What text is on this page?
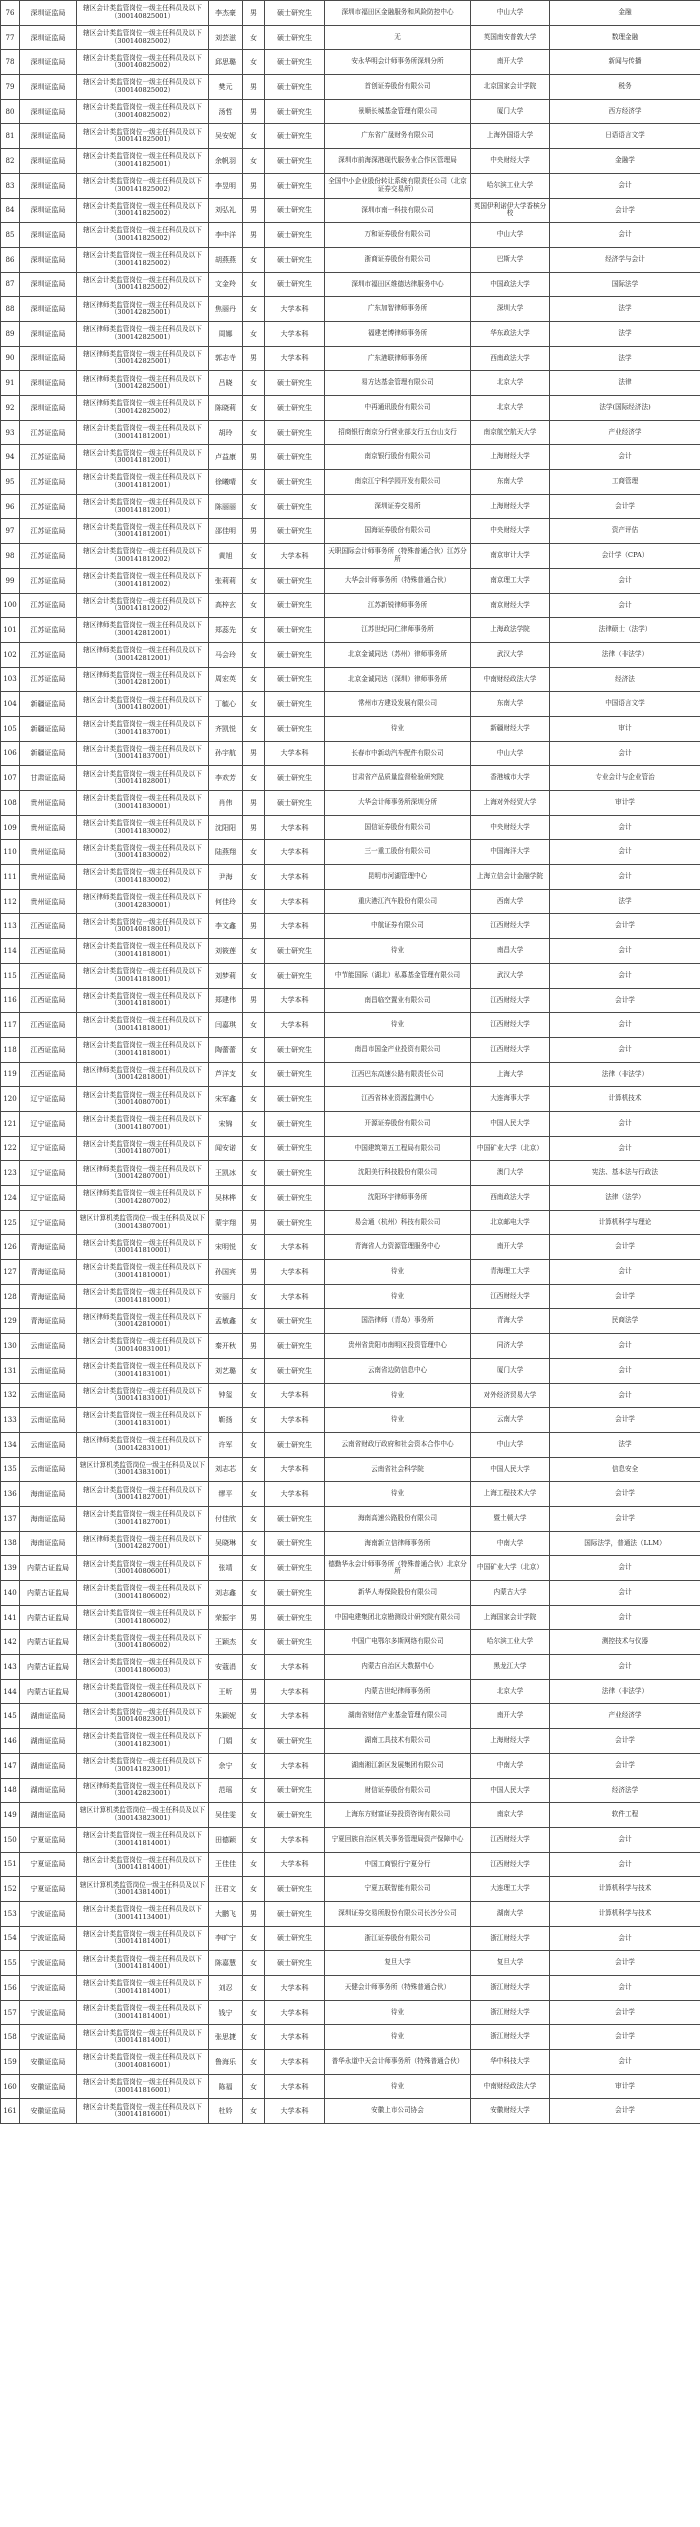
76	深圳证监局	辖区会计类监管岗位一级主任科员及以下（300140825001）	李杰豪	男	硕士研究生	深圳市福田区金融服务和风险防控中心	中山大学	金融
77	深圳证监局	辖区会计类监管岗位一级主任科员及以下（300140825002）	刘芸滋	女	硕士研究生	无	英国南安普敦大学	数理金融
78	深圳证监局	辖区会计类监管岗位一级主任科员及以下（300140825002）	邱思璐	女	硕士研究生	安永华明会计师事务所深圳分所	南开大学	新闻与传播
79	深圳证监局	辖区会计类监管岗位一级主任科员及以下（300140825002）	樊元	男	硕士研究生	首创证券股份有限公司	北京国家会计学院	税务
80	深圳证监局	辖区会计类监管岗位一级主任科员及以下（300140825002）	汤哲	男	硕士研究生	景顺长城基金管理有限公司	厦门大学	西方经济学
81	深圳证监局	辖区会计类监管岗位一级主任科员及以下（300141825001）	吴安妮	女	硕士研究生	广东省广晟财务有限公司	上海外国语大学	日语语言文学
82	深圳证监局	辖区会计类监管岗位一级主任科员及以下（300141825001）	余帆羽	女	硕士研究生	深圳市前海深港现代服务业合作区管理局	中央财经大学	金融学
83	深圳证监局	辖区会计类监管岗位一级主任科员及以下（300141825002）	李昱明	男	硕士研究生	全国中小企业股份转让系统有限责任公司（北京证券交易所）	哈尔滨工业大学	会计
84	深圳证监局	辖区会计类监管岗位一级主任科员及以下（300141825002）	刘弘礼	男	硕士研究生	深圳市南一科技有限公司	英国伊利诺伊大学香槟分校	会计学
85	深圳证监局	辖区会计类监管岗位一级主任科员及以下（300141825002）	李中洋	男	硕士研究生	万和证券股份有限公司	中山大学	会计
86	深圳证监局	辖区会计类监管岗位一级主任科员及以下（300141825002）	胡燕燕	女	硕士研究生	浙商证券股份有限公司	巴斯大学	经济学与会计
87	深圳证监局	辖区会计类监管岗位一级主任科员及以下（300141825002）	文金羚	女	硕士研究生	深圳市福田区维德达律服务中心	中国政法大学	国际法学
88	深圳证监局	辖区律师类监管岗位一级主任科员及以下（300142825001）	焦丽丹	女	大学本科	广东加智律师事务所	深圳大学	法学
89	深圳证监局	辖区律师类监管岗位一级主任科员及以下（300142825001）	周娜	女	大学本科	福建老博律师事务所	华东政法大学	法学
90	深圳证监局	辖区律师类监管岗位一级主任科员及以下（300142825001）	郭志寺	男	大学本科	广东港联律师事务所	西南政法大学	法学
91	深圳证监局	辖区律师类监管岗位一级主任科员及以下（300142825001）	吕晓	女	硕士研究生	易方达基金管理有限公司	北京大学	法律
92	深圳证监局	辖区律师类监管岗位一级主任科员及以下（300142825002）	陈晓莉	女	硕士研究生	中再通讯股份有限公司	北京大学	法学(国际经济法)
93	江苏证监局	辖区会计类监管岗位一级主任科员及以下（300141812001）	胡玲	女	硕士研究生	招商银行南京分行营业部支行五台山支行	南京航空航天大学	产业经济学
94	江苏证监局	辖区会计类监管岗位一级主任科员及以下（300141812001）	卢益康	男	硕士研究生	南京银行股份有限公司	上海财经大学	会计
95	江苏证监局	辖区会计类监管岗位一级主任科员及以下（300141812001）	徐曦晴	女	硕士研究生	南京江宁科学园开发有限公司	东南大学	工商管理
96	江苏证监局	辖区会计类监管岗位一级主任科员及以下（300141812001）	陈丽丽	女	硕士研究生	深圳证券交易所	上海财经大学	会计学
97	江苏证监局	辖区会计类监管岗位一级主任科员及以下（300141812001）	邵佳明	男	硕士研究生	国海证券股份有限公司	中央财经大学	资产评估
98	江苏证监局	辖区会计类监管岗位一级主任科员及以下（300141812002）	黄旭	女	大学本科	天职国际会计师事务所（特殊普通合伙）江苏分所	南京审计大学	会计学（CPA）
99	江苏证监局	辖区会计类监管岗位一级主任科员及以下（300141812002）	张莉莉	女	硕士研究生	大华会计师事务所（特殊普通合伙）	南京理工大学	会计
100	江苏证监局	辖区会计类监管岗位一级主任科员及以下（300141812002）	高梓玄	女	硕士研究生	江苏新锐律师事务所	南京财经大学	会计
101	江苏证监局	辖区律师类监管岗位一级主任科员及以下（300142812001）	郑蕊先	女	硕士研究生	江苏世纪同仁律师事务所	上海政法学院	法律硕士（法学）
102	江苏证监局	辖区律师类监管岗位一级主任科员及以下（300142812001）	马会玲	女	硕士研究生	北京金诚同达（苏州）律师事务所	武汉大学	法律（非法学）
103	江苏证监局	辖区律师类监管岗位一级主任科员及以下（300142812001）	周宏英	女	硕士研究生	北京金诚同达（深圳）律师事务所	中南财经政法大学	经济法
104	新疆证监局	辖区会计类监管岗位一级主任科员及以下（300141802001）	丁毓心	女	硕士研究生	常州市方建设发展有限公司	东南大学	中国语言文学
105	新疆证监局	辖区会计类监管岗位一级主任科员及以下（300141837001）	齐凯悦	女	硕士研究生	待业	新疆财经大学	审计
106	新疆证监局	辖区会计类监管岗位一级主任科员及以下（300141837001）	孙宇航	男	大学本科	长春市中新动汽车配件有限公司	中山大学	会计
107	甘肃证监局	辖区会计类监管岗位一级主任科员及以下（300141828001）	李欢芳	女	硕士研究生	甘肃省产品质量监督检验研究院	香港城市大学	专业会计与企业管治
108	贵州证监局	辖区会计类监管岗位一级主任科员及以下（300141830001）	肖伟	男	硕士研究生	大华会计师事务所深圳分所	上海对外经贸大学	审计学
109	贵州证监局	辖区会计类监管岗位一级主任科员及以下（300141830002）	沈阳阳	男	大学本科	国信证券股份有限公司	中央财经大学	会计
110	贵州证监局	辖区会计类监管岗位一级主任科员及以下（300141830002）	陆燕翔	女	大学本科	三一重工股份有限公司	中国海洋大学	会计
111	贵州证监局	辖区会计类监管岗位一级主任科员及以下（300141830002）	尹海	女	大学本科	昆明市河湖管理中心	上海立信会计金融学院	会计
112	贵州证监局	辖区律师类监管岗位一级主任科员及以下（300142830001）	何佳玲	女	大学本科	重庆港江汽车股份有限公司	西南大学	法学
113	江西证监局	辖区会计类监管岗位一级主任科员及以下（300140818001）	李文鑫	男	大学本科	中航证券有限公司	江西财经大学	会计学
114	江西证监局	辖区会计类监管岗位一级主任科员及以下（300141818001）	刘筱莲	女	硕士研究生	待业	南昌大学	会计
115	江西证监局	辖区会计类监管岗位一级主任科员及以下（300141818001）	刘梦莉	女	硕士研究生	中节能国际（湖北）私募基金管理有限公司	武汉大学	会计
116	江西证监局	辖区会计类监管岗位一级主任科员及以下（300141818001）	郑建伟	男	大学本科	南昌临空置业有限公司	江西财经大学	会计学
117	江西证监局	辖区会计类监管岗位一级主任科员及以下（300141818001）	闫嘉琪	女	大学本科	待业	江西财经大学	会计
118	江西证监局	辖区会计类监管岗位一级主任科员及以下（300141818001）	陶蕾蕾	女	硕士研究生	南昌市国金产业投资有限公司	江西财经大学	会计
119	江西证监局	辖区律师类监管岗位一级主任科员及以下（300142818001）	芦洋支	女	硕士研究生	江西巴东高速公路有限责任公司	上海大学	法律（非法学）
120	辽宁证监局	辖区会计类监管岗位一级主任科员及以下（300140807001）	宋军鑫	女	硕士研究生	江西省林业资源监测中心	大连海事大学	计算机技术
121	辽宁证监局	辖区会计类监管岗位一级主任科员及以下（300141807001）	宋锦	女	硕士研究生	开源证券股份有限公司	中国人民大学	会计
122	辽宁证监局	辖区会计类监管岗位一级主任科员及以下（300141807001）	闻安诺	女	硕士研究生	中国建筑第五工程局有限公司	中国矿业大学（北京）	会计
123	辽宁证监局	辖区律师类监管岗位一级主任科员及以下（300142807001）	王凯冰	女	硕士研究生	沈阳美行科技股份有限公司	澳门大学	宪法、基本法与行政法
124	辽宁证监局	辖区律师类监管岗位一级主任科员及以下（300142807002）	吴林桦	女	硕士研究生	沈阳环宇律师事务所	西南政法大学	法律（法学）
125	辽宁证监局	辖区计算机类监管岗位一级主任科员及以下（300143807001）	蒙宇翔	男	硕士研究生	易会通（杭州）科技有限公司	北京邮电大学	计算机科学与理论
126	青海证监局	辖区会计类监管岗位一级主任科员及以下（300141810001）	宋明悦	女	大学本科	青海省人力资源管理服务中心	南开大学	会计学
127	青海证监局	辖区会计类监管岗位一级主任科员及以下（300141810001）	孙国宾	男	大学本科	待业	青海理工大学	会计
128	青海证监局	辖区会计类监管岗位一级主任科员及以下（300141810001）	安丽月	女	大学本科	待业	江西财经大学	会计学
129	青海证监局	辖区律师类监管岗位一级主任科员及以下（300142810001）	孟敏鑫	女	硕士研究生	国浩律师（青岛）事务所	青海大学	民商法学
130	云南证监局	辖区会计类监管岗位一级主任科员及以下（300140831001）	秦开秋	男	硕士研究生	贵州省贵阳市南明区投资管理中心	同济大学	会计
131	云南证监局	辖区会计类监管岗位一级主任科员及以下（300141831001）	刘艺璐	女	硕士研究生	云南省边防信息中心	厦门大学	会计
132	云南证监局	辖区会计类监管岗位一级主任科员及以下（300141831001）	钟玺	女	大学本科	待业	对外经济贸易大学	会计
133	云南证监局	辖区会计类监管岗位一级主任科员及以下（300141831001）	靳扬	女	大学本科	待业	云南大学	会计学
134	云南证监局	辖区律师类监管岗位一级主任科员及以下（300142831001）	许军	女	硕士研究生	云南省财政厅政府和社会资本合作中心	中山大学	法学
135	云南证监局	辖区计算机类监管岗位一级主任科员及以下（300143831001）	刘志芯	女	大学本科	云南省社会科学院	中国人民大学	信息安全
136	海南证监局	辖区会计类监管岗位一级主任科员及以下（300141827001）	缪平	女	大学本科	待业	上海工程技术大学	会计学
137	海南证监局	辖区会计类监管岗位一级主任科员及以下（300141827001）	付佳欣	女	硕士研究生	海南高速公路股份有限公司	暨土顿大学	会计学
138	海南证监局	辖区律师类监管岗位一级主任科员及以下（300142827001）	吴晓琳	女	硕士研究生	海南新立信律师事务所	中南大学	国际法学，普通法（LLM）
139	内蒙古证监局	辖区会计类监管岗位一级主任科员及以下（300140806001）	张靖	女	硕士研究生	德勤华永会计师事务所（特殊普通合伙）北京分所	中国矿业大学（北京）	会计
140	内蒙古证监局	辖区会计类监管岗位一级主任科员及以下（300141806002）	刘志鑫	女	硕士研究生	新华人寿保险股份有限公司	内蒙古大学	会计
141	内蒙古证监局	辖区会计类监管岗位一级主任科员及以下（300141806002）	荣振宇	男	硕士研究生	中国电建集团北京勘测设计研究院有限公司	上海国家会计学院	会计
142	内蒙古证监局	辖区会计类监管岗位一级主任科员及以下（300141806002）	王颖杰	女	硕士研究生	中国广电鄂尔多斯网络有限公司	哈尔滨工业大学	测控技术与仪器
143	内蒙古证监局	辖区会计类监管岗位一级主任科员及以下（300141806003）	安蔻涓	女	大学本科	内蒙古自治区大数据中心	黑龙江大学	会计
144	内蒙古证监局	辖区会计类监管岗位一级主任科员及以下（300142806001）	王昕	男	大学本科	内蒙古世纪律师事务所	北京大学	法律（非法学）
145	湖南证监局	辖区会计类监管岗位一级主任科员及以下（300140823001）	朱颖妮	女	大学本科	湖南省财信产业基金管理有限公司	南开大学	产业经济学
146	湖南证监局	辖区会计类监管岗位一级主任科员及以下（300141823001）	门娟	女	硕士研究生	湖南工具技术有限公司	上海财经大学	会计学
147	湖南证监局	辖区会计类监管岗位一级主任科员及以下（300141823001）	余宁	女	大学本科	湖南湘江新区发展集团有限公司	中南大学	会计学
148	湖南证监局	辖区律师类监管岗位一级主任科员及以下（300142823001）	范瑶	女	硕士研究生	财信证券股份有限公司	中国人民大学	经济法学
149	湖南证监局	辖区计算机类监管岗位一级主任科员及以下（300143823001）	吴佳雯	女	硕士研究生	上海东方财富证券投资咨询有限公司	南京大学	软件工程
150	宁夏证监局	辖区会计类监管岗位一级主任科员及以下（300141814001）	田德颖	女	大学本科	宁夏回族自治区机关事务管理局资产保障中心	江西财经大学	会计
151	宁夏证监局	辖区会计类监管岗位一级主任科员及以下（300141814001）	王佳佳	女	大学本科	中国工商银行宁夏分行	江西财经大学	会计
152	宁夏证监局	辖区计算机类监管岗位一级主任科员及以下（300143814001）	汪君文	女	硕士研究生	宁夏五联智能有限公司	大连理工大学	计算机科学与技术
153	宁波证监局	辖区会计类监管岗位一级主任科员及以下（300141134001）	大鹏飞	男	硕士研究生	深圳证券交易所股份有限公司长沙分公司	湖南大学	计算机科学与技术
154	宁波证监局	辖区会计类监管岗位一级主任科员及以下（300141814001）	李旷宁	女	硕士研究生	浙江证券股份有限公司	浙江财经大学	会计
155	宁波证监局	辖区会计类监管岗位一级主任科员及以下（300141814001）	陈嘉慧	女	硕士研究生	复旦大学	复旦大学	会计学
156	宁波证监局	辖区会计类监管岗位一级主任科员及以下（300141814001）	刘忍	女	大学本科	天健会计师事务所（特殊普通合伙）	浙江财经大学	会计
157	宁波证监局	辖区会计类监管岗位一级主任科员及以下（300141814001）	钱宁	女	大学本科	待业	浙江财经大学	会计学
158	宁波证监局	辖区会计类监管岗位一级主任科员及以下（300141814001）	张思捷	女	大学本科	待业	浙江财经大学	会计学
159	安徽证监局	辖区会计类监管岗位一级主任科员及以下（300140816001）	鲁海乐	女	大学本科	普华永道中天会计师事务所（特殊普通合伙）	华中科技大学	会计
160	安徽证监局	辖区会计类监管岗位一级主任科员及以下（300141816001）	陈福	女	大学本科	待业	中南财经政法大学	审计学
161	安徽证监局	辖区会计类监管岗位一级主任科员及以下（300141816001）	杜妗	女	大学本科	安徽上市公司协会	安徽财经大学	会计学
